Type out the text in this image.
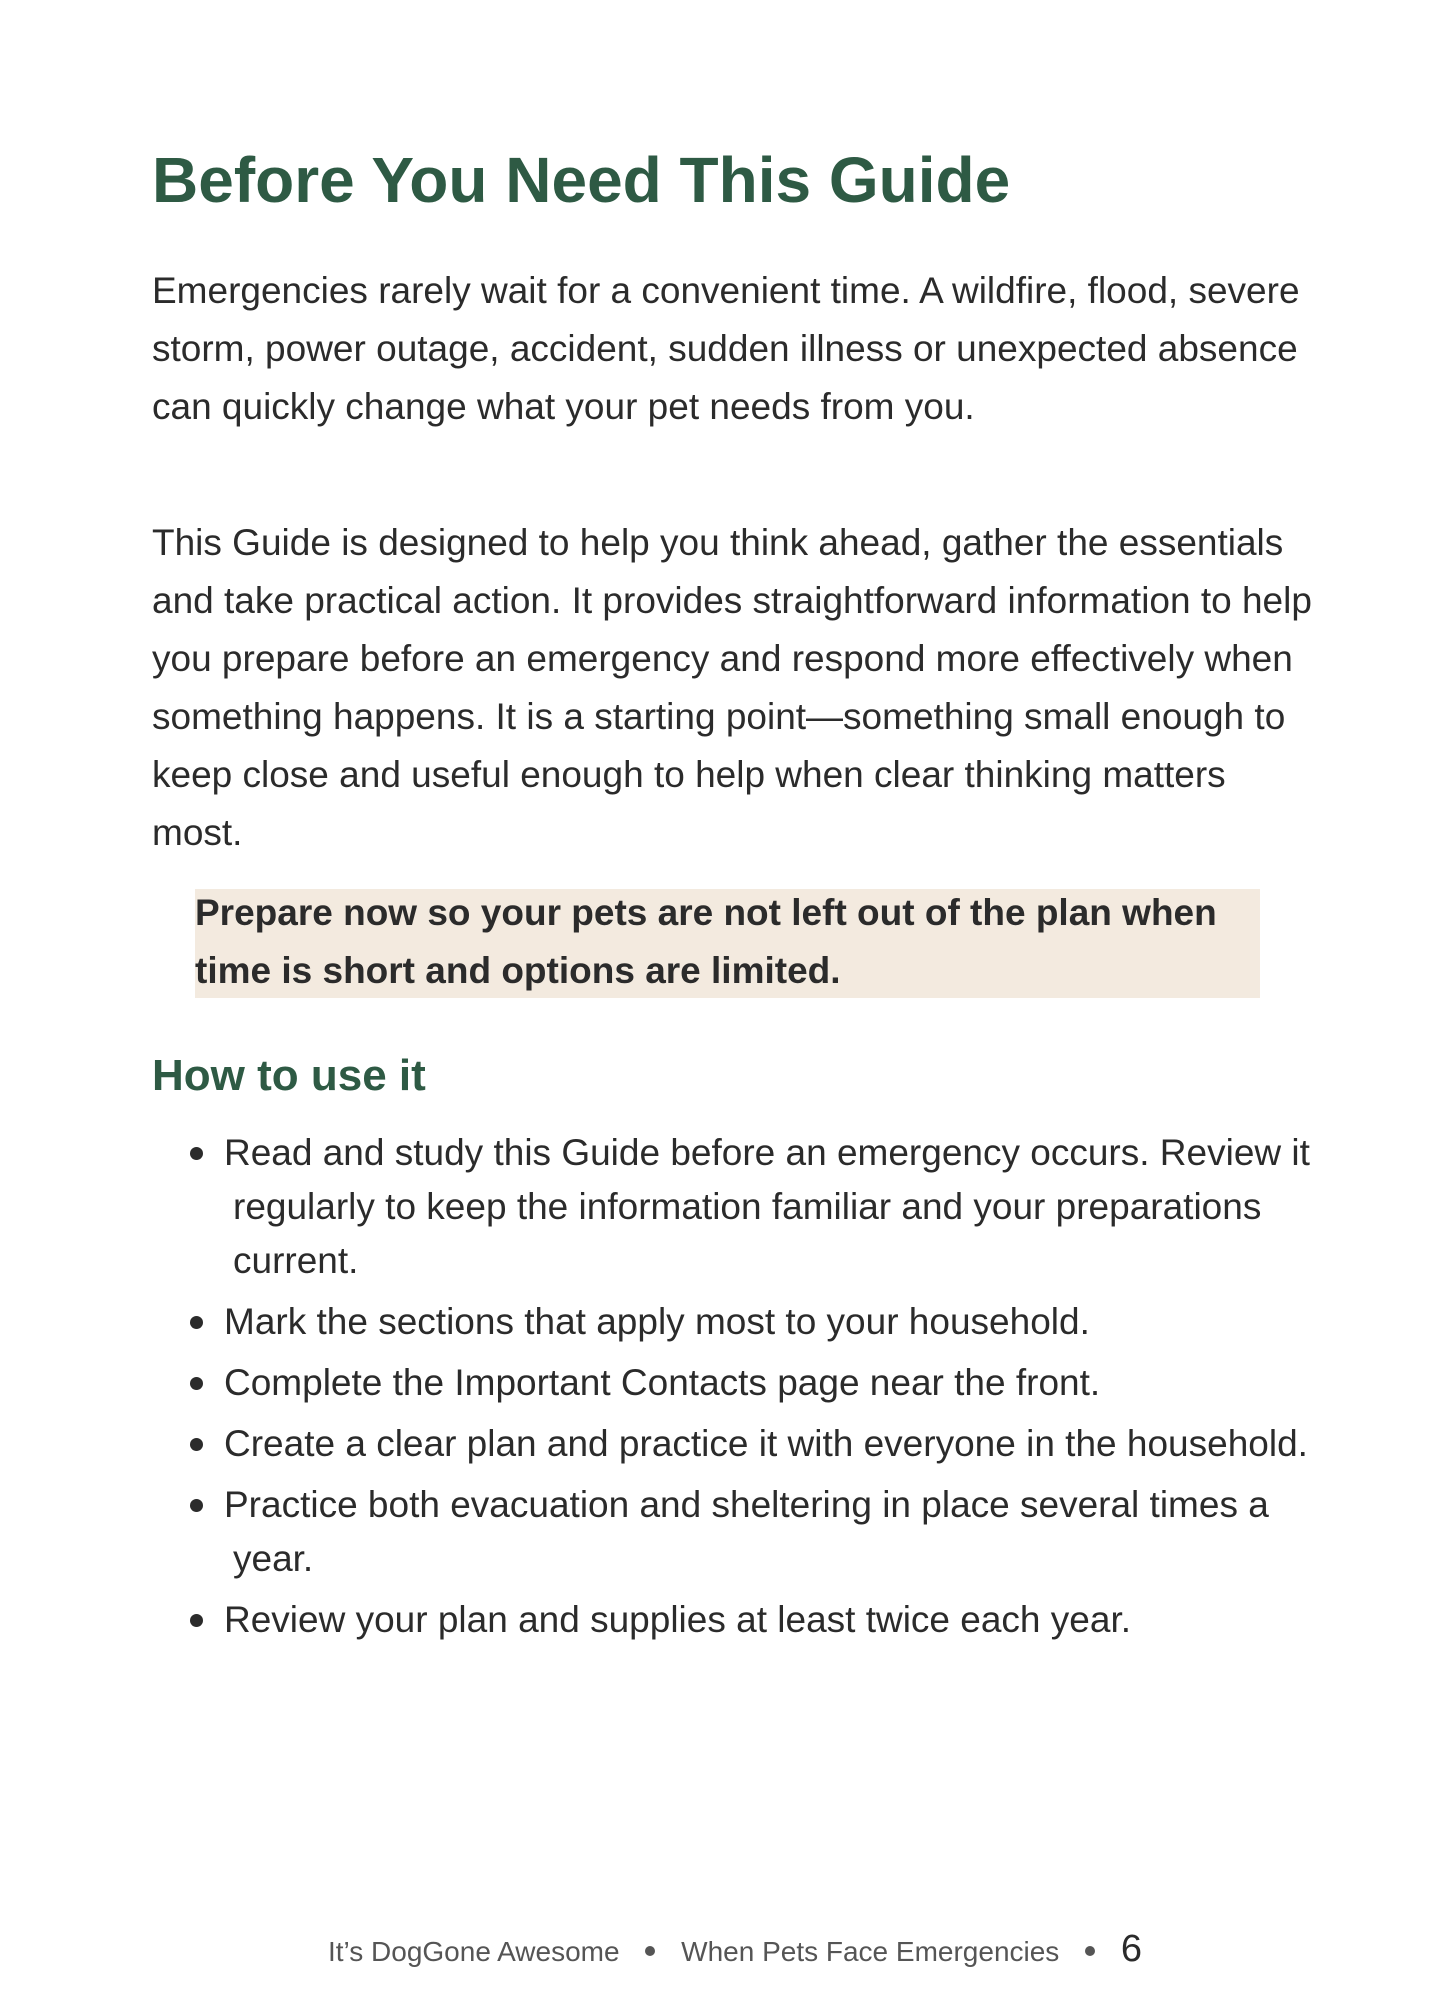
Before You Need This Guide

Emergencies rarely wait for a convenient time. A wildfire, flood, severe storm, power outage, accident, sudden illness or unexpected absence can quickly change what your pet needs from you.

This Guide is designed to help you think ahead, gather the essentials and take practical action. It provides straightforward information to help you prepare before an emergency and respond more effectively when something happens. It is a starting point—something small enough to keep close and useful enough to help when clear thinking matters most.

Prepare now so your pets are not left out of the plan when time is short and options are limited.

How to use it
Read and study this Guide before an emergency occurs. Review it regularly to keep the information familiar and your preparations current.
Mark the sections that apply most to your household.
Complete the Important Contacts page near the front.
Create a clear plan and practice it with everyone in the household.
Practice both evacuation and sheltering in place several times a year.
Review your plan and supplies at least twice each year.
It’s DogGone Awesome When Pets Face Emergencies 6
